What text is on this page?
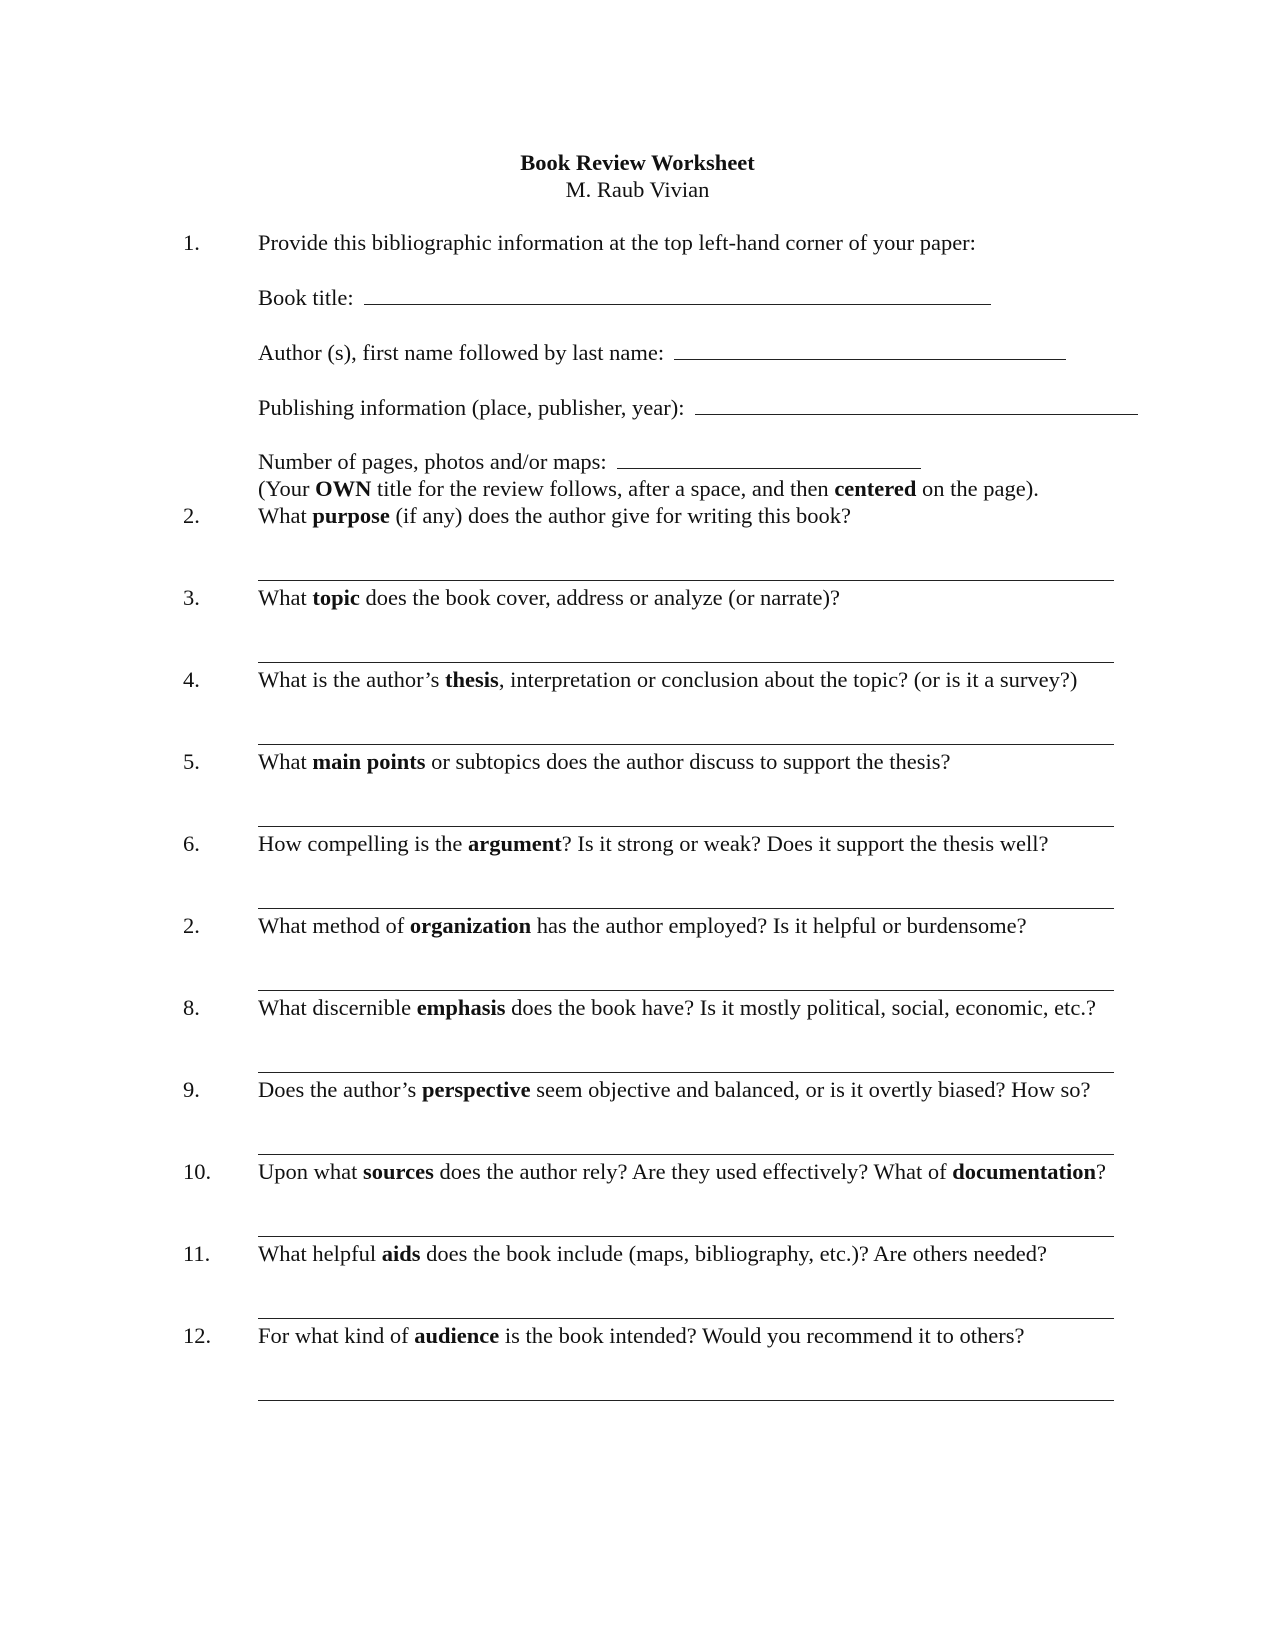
Book Review Worksheet
M. Raub Vivian
1.	Provide this bibliographic information at the top left-hand corner of your paper:
Book title:
Author (s), first name followed by last name:
Publishing information (place, publisher, year):
Number of pages, photos and/or maps:
(Your OWN title for the review follows, after a space, and then centered on the page).
2.	What purpose (if any) does the author give for writing this book?
3.	What topic does the book cover, address or analyze (or narrate)?
4.	What is the author’s thesis, interpretation or conclusion about the topic? (or is it a survey?)
5.	What main points or subtopics does the author discuss to support the thesis?
6.	How compelling is the argument? Is it strong or weak? Does it support the thesis well?
2.	What method of organization has the author employed? Is it helpful or burdensome?
8.	What discernible emphasis does the book have? Is it mostly political, social, economic, etc.?
9.	Does the author’s perspective seem objective and balanced, or is it overtly biased? How so?
10. Upon what sources does the author rely? Are they used effectively? What of documentation?
11. What helpful aids does the book include (maps, bibliography, etc.)? Are others needed?
12. For what kind of audience is the book intended? Would you recommend it to others?
